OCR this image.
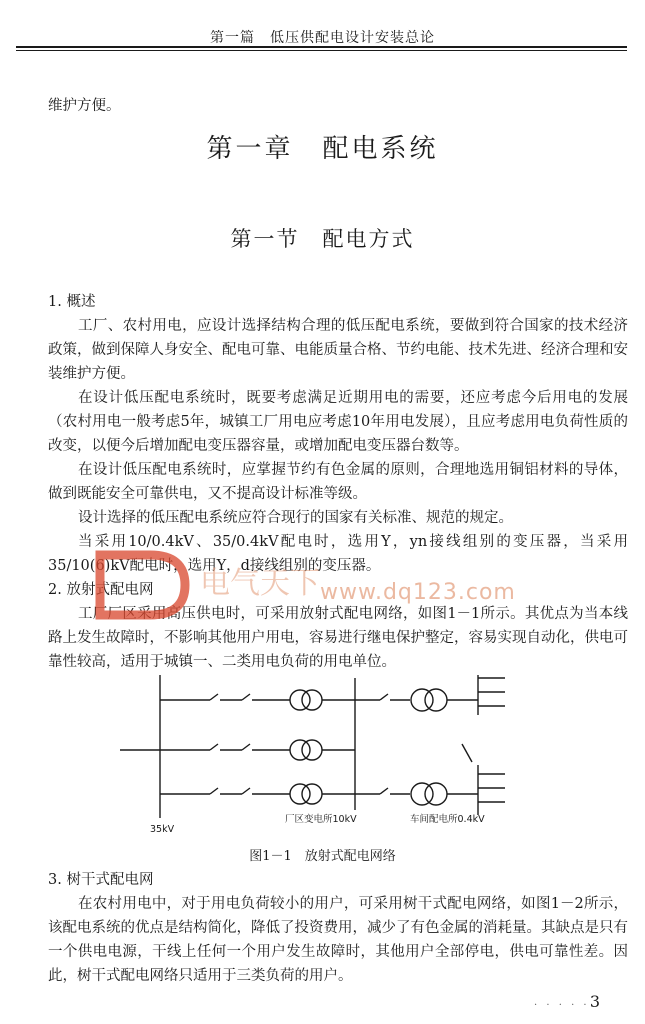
第一篇　低压供配电设计安装总论

维护方便。

第一章　配电系统
第一节　配电方式
1. 概述

工厂、农村用电，应设计选择结构合理的低压配电系统，要做到符合国家的技术经济政策，做到保障人身安全、配电可靠、电能质量合格、节约电能、技术先进、经济合理和安装维护方便。

在设计低压配电系统时，既要考虑满足近期用电的需要，还应考虑今后用电的发展（农村用电一般考虑5年，城镇工厂用电应考虑10年用电发展），且应考虑用电负荷性质的改变，以便今后增加配电变压器容量，或增加配电变压器台数等。

在设计低压配电系统时，应掌握节约有色金属的原则，合理地选用铜铝材料的导体，做到既能安全可靠供电，又不提高设计标准等级。

设计选择的低压配电系统应符合现行的国家有关标准、规范的规定。

当采用10/0.4kV、35/0.4kV配电时，选用Y，yn接线组别的变压器，当采用35/10(6)kV配电时，选用Y，d接线组别的变压器。

2. 放射式配电网

工厂厂区采用高压供电时，可采用放射式配电网络，如图1－1所示。其优点为当本线路上发生故障时，不影响其他用户用电，容易进行继电保护整定，容易实现自动化，供电可靠性较高，适用于城镇一、二类用电负荷的用电单位。

电气天下 www.dq123.com
35kV
厂区变电所10kV	车间配电所0.4kV
图1－1　放射式配电网络
3. 树干式配电网

在农村用电中，对于用电负荷较小的用户，可采用树干式配电网络，如图1－2所示，该配电系统的优点是结构简化，降低了投资费用，减少了有色金属的消耗量。其缺点是只有一个供电电源，干线上任何一个用户发生故障时，其他用户全部停电，供电可靠性差。因此，树干式配电网络只适用于三类负荷的用户。

· · · · · 3
